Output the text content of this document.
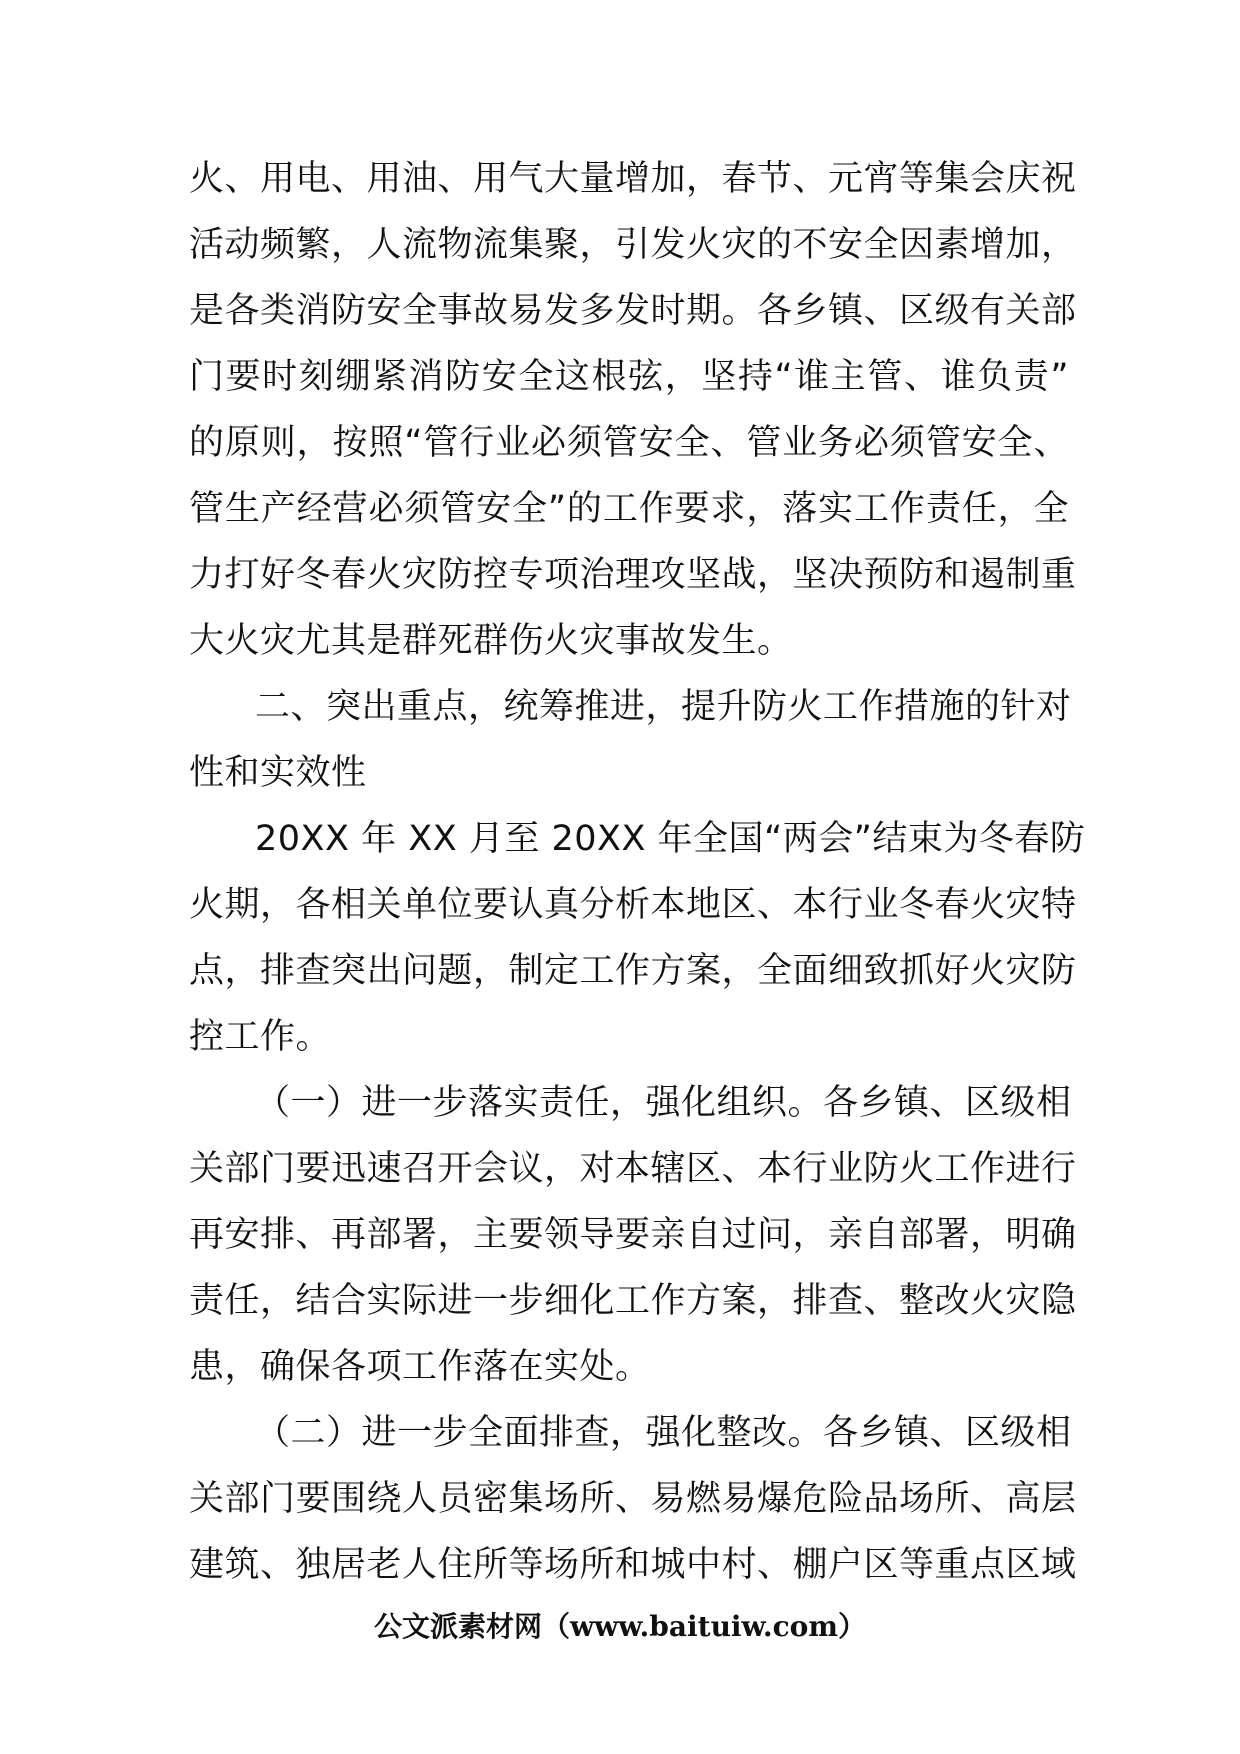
火、用电、用油、用气大量增加，春节、元宵等集会庆祝
活动频繁，人流物流集聚，引发火灾的不安全因素增加，
是各类消防安全事故易发多发时期。各乡镇、区级有关部
门要时刻绷紧消防安全这根弦，坚持“谁主管、谁负责”
的原则，按照“管行业必须管安全、管业务必须管安全、
管生产经营必须管安全”的工作要求，落实工作责任，全
力打好冬春火灾防控专项治理攻坚战，坚决预防和遏制重
大火灾尤其是群死群伤火灾事故发生。
二、突出重点，统筹推进，提升防火工作措施的针对
性和实效性
20XX 年 XX 月至 20XX 年全国“两会”结束为冬春防
火期，各相关单位要认真分析本地区、本行业冬春火灾特
点，排查突出问题，制定工作方案，全面细致抓好火灾防
控工作。
（一）进一步落实责任，强化组织。各乡镇、区级相
关部门要迅速召开会议，对本辖区、本行业防火工作进行
再安排、再部署，主要领导要亲自过问，亲自部署，明确
责任，结合实际进一步细化工作方案，排查、整改火灾隐
患，确保各项工作落在实处。
（二）进一步全面排查，强化整改。各乡镇、区级相
关部门要围绕人员密集场所、易燃易爆危险品场所、高层
建筑、独居老人住所等场所和城中村、棚户区等重点区域
公文派素材网（www.baituiw.com）
